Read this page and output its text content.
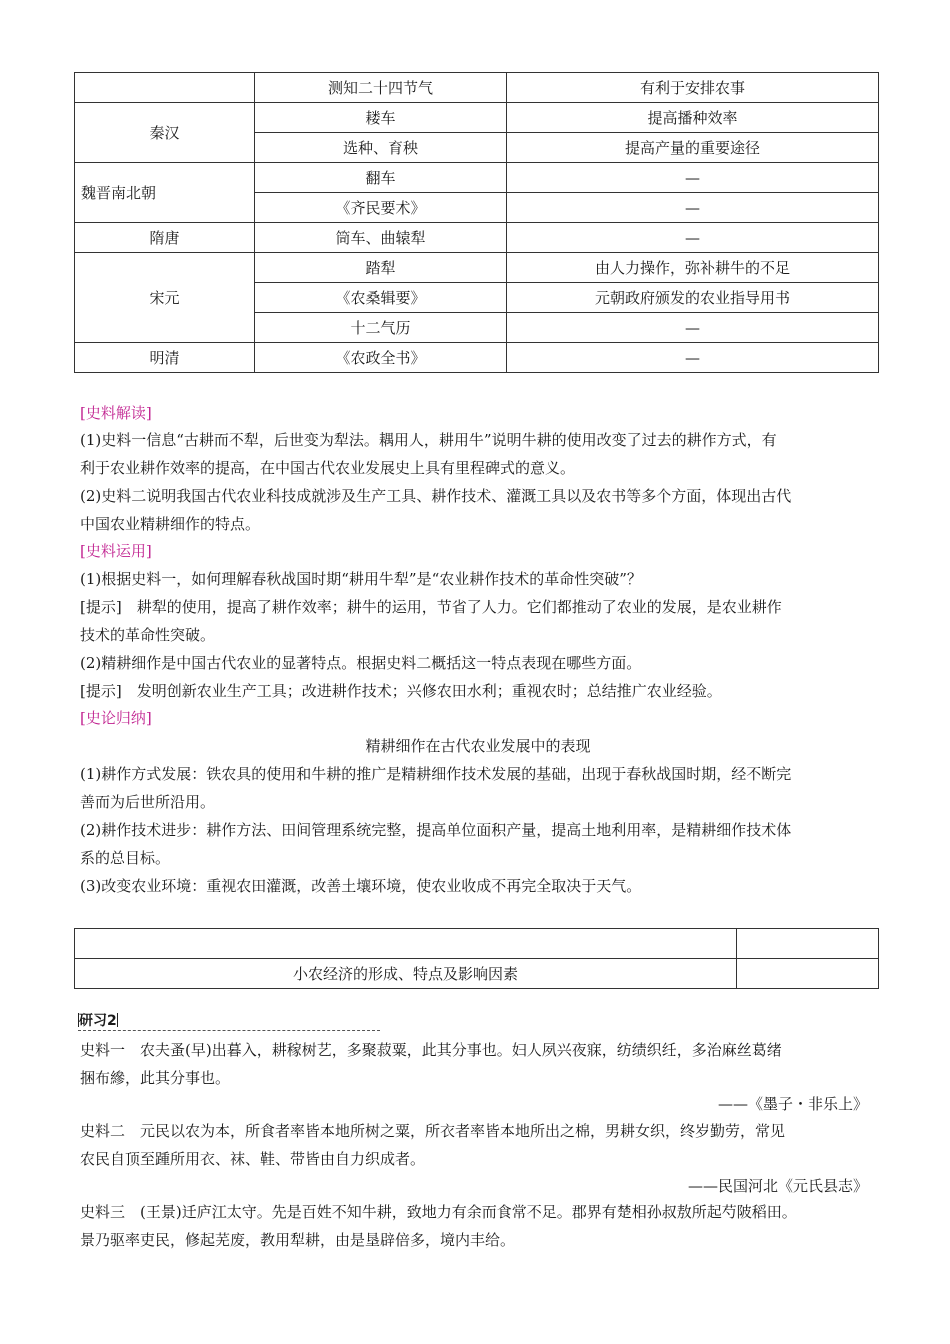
	测知二十四节气	有利于安排农事
秦汉	耧车	提高播种效率
	选种、育秧	提高产量的重要途径
魏晋南北朝	翻车	—
	《齐民要术》	—
隋唐	筒车、曲辕犁	—
宋元	踏犁	由人力操作，弥补耕牛的不足
	《农桑辑要》	元朝政府颁发的农业指导用书
	十二气历	—
明清	《农政全书》	—
[史料解读]
(1)史料一信息“古耕而不犁，后世变为犁法。耦用人，耕用牛”说明牛耕的使用改变了过去的耕作方式，有
利于农业耕作效率的提高，在中国古代农业发展史上具有里程碑式的意义。
(2)史料二说明我国古代农业科技成就涉及生产工具、耕作技术、灌溉工具以及农书等多个方面，体现出古代
中国农业精耕细作的特点。
[史料运用]
(1)根据史料一，如何理解春秋战国时期“耕用牛犁”是“农业耕作技术的革命性突破”？
[提示]　耕犁的使用，提高了耕作效率；耕牛的运用，节省了人力。它们都推动了农业的发展，是农业耕作
技术的革命性突破。
(2)精耕细作是中国古代农业的显著特点。根据史料二概括这一特点表现在哪些方面。
[提示]　发明创新农业生产工具；改进耕作技术；兴修农田水利；重视农时；总结推广农业经验。
[史论归纳]
精耕细作在古代农业发展中的表现
(1)耕作方式发展：铁农具的使用和牛耕的推广是精耕细作技术发展的基础，出现于春秋战国时期，经不断完
善而为后世所沿用。
(2)耕作技术进步：耕作方法、田间管理系统完整，提高单位面积产量，提高土地利用率，是精耕细作技术体
系的总目标。
(3)改变农业环境：重视农田灌溉，改善土壤环境，使农业收成不再完全取决于天气。

小农经济的形成、特点及影响因素	
研习2
史料一　农夫蚤(早)出暮入，耕稼树艺，多聚菽粟，此其分事也。妇人夙兴夜寐，纺绩织纴，多治麻丝葛绪
捆布縿，此其分事也。
农民自顶至踵所用衣、袜、鞋、带皆由自力织成者。
史料二　元民以农为本，所食者率皆本地所树之粟，所衣者率皆本地所出之棉，男耕女织，终岁勤劳，常见
史料三　(王景)迁庐江太守。先是百姓不知牛耕，致地力有余而食常不足。郡界有楚相孙叔敖所起芍陂稻田。
景乃驱率吏民，修起芜废，教用犁耕，由是垦辟倍多，境内丰给。
——《墨子・非乐上》
——民国河北《元氏县志》
